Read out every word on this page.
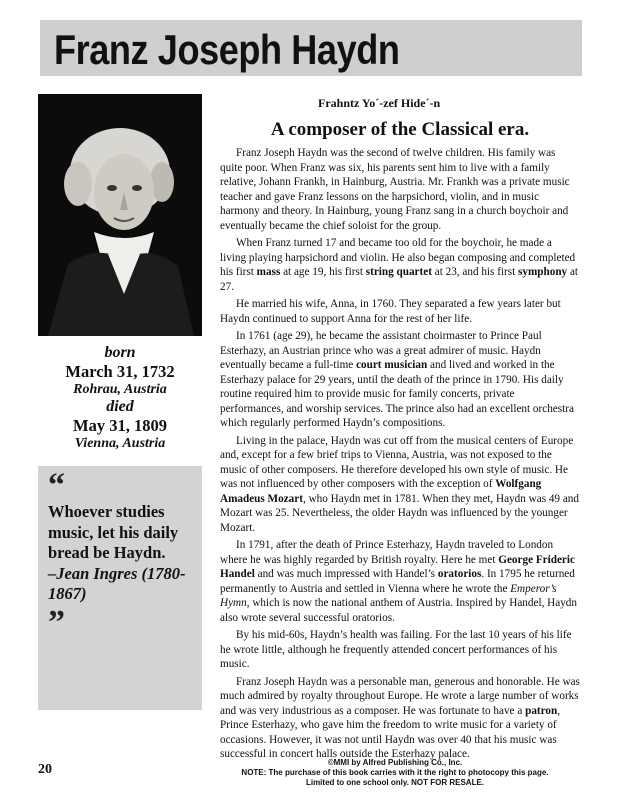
Franz Joseph Haydn
born
March 31, 1732
Rohrau, Austria
died
May 31, 1809
Vienna, Austria
“
Whoever studies music, let his daily bread be Haydn.
–Jean Ingres (1780-1867)
”
Frahntz Yo´-zef Hide´-n
A composer of the Classical era.

Franz Joseph Haydn was the second of twelve children. His family was quite poor. When Franz was six, his parents sent him to live with a family relative, Johann Frankh, in Hainburg, Austria. Mr. Frankh was a private music teacher and gave Franz lessons on the harpsichord, violin, and in music harmony and theory. In Hainburg, young Franz sang in a church boychoir and eventually became the chief soloist for the group.

When Franz turned 17 and became too old for the boychoir, he made a living playing harpsichord and violin. He also began composing and completed his first mass at age 19, his first string quartet at 23, and his first symphony at 27.

He married his wife, Anna, in 1760. They separated a few years later but Haydn continued to support Anna for the rest of her life.

In 1761 (age 29), he became the assistant choirmaster to Prince Paul Esterhazy, an Austrian prince who was a great admirer of music. Haydn eventually became a full-time court musician and lived and worked in the Esterhazy palace for 29 years, until the death of the prince in 1790. His daily routine required him to provide music for family concerts, private performances, and worship services. The prince also had an excellent orchestra which regularly performed Haydn’s compositions.

Living in the palace, Haydn was cut off from the musical centers of Europe and, except for a few brief trips to Vienna, Austria, was not exposed to the music of other composers. He therefore developed his own style of music. He was not influenced by other composers with the exception of Wolfgang Amadeus Mozart, who Haydn met in 1781. When they met, Haydn was 49 and Mozart was 25. Nevertheless, the older Haydn was influenced by the younger Mozart.

In 1791, after the death of Prince Esterhazy, Haydn traveled to London where he was highly regarded by British royalty. Here he met George Frideric Handel and was much impressed with Handel’s oratorios. In 1795 he returned permanently to Austria and settled in Vienna where he wrote the Emperor’s Hymn, which is now the national anthem of Austria. Inspired by Handel, Haydn also wrote several successful oratorios.

By his mid-60s, Haydn’s health was failing. For the last 10 years of his life he wrote little, although he frequently attended concert performances of his music.

Franz Joseph Haydn was a personable man, generous and honorable. He was much admired by royalty throughout Europe. He wrote a large number of works and was very industrious as a composer. He was fortunate to have a patron, Prince Esterhazy, who gave him the freedom to write music for a variety of occasions. However, it was not until Haydn was over 40 that his music was successful in concert halls outside the Esterhazy palace.

20	©MMI by Alfred Publishing Co., Inc.
NOTE: The purchase of this book carries with it the right to photocopy this page.
Limited to one school only. NOT FOR RESALE.
